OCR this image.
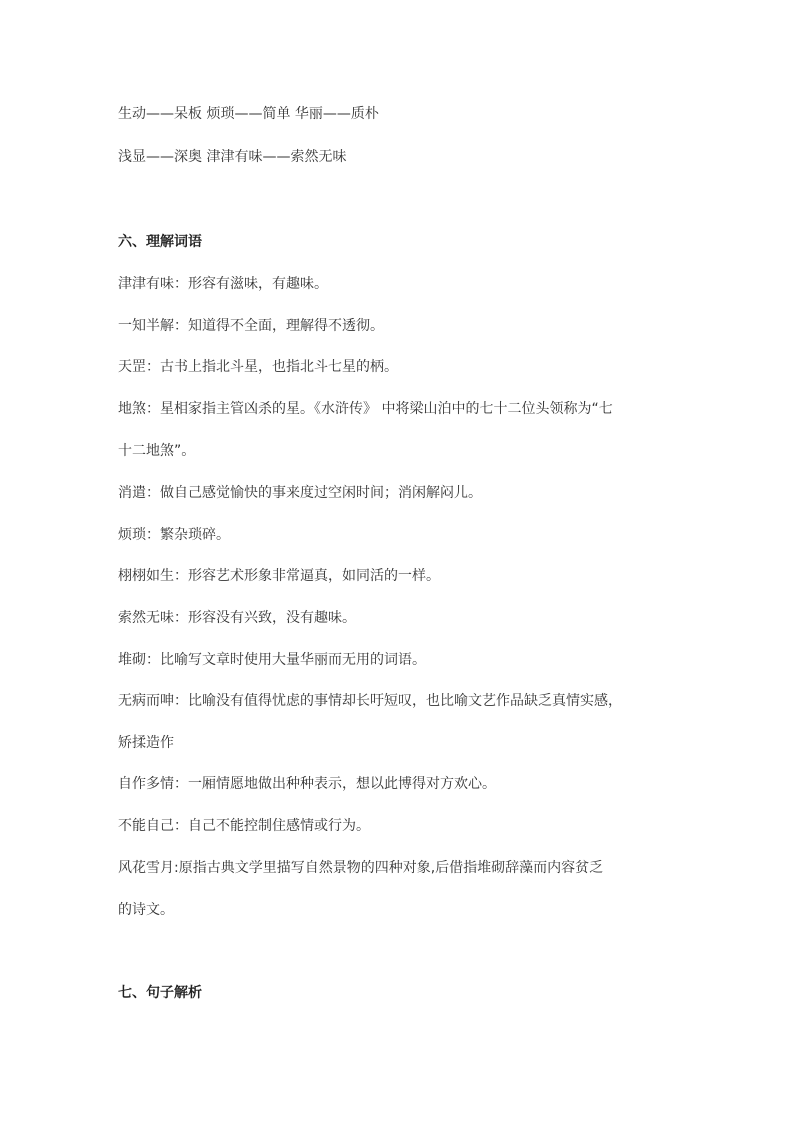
生动——呆板 烦琐——简单 华丽——质朴
浅显——深奥 津津有味——索然无味
六、理解词语
津津有味：形容有滋味，有趣味。
一知半解：知道得不全面，理解得不透彻。
天罡：古书上指北斗星，也指北斗七星的柄。
地煞：星相家指主管凶杀的星。《水浒传》 中将梁山泊中的七十二位头领称为“七
十二地煞”。
消遣：做自己感觉愉快的事来度过空闲时间；消闲解闷儿。
烦琐：繁杂琐碎。
栩栩如生：形容艺术形象非常逼真，如同活的一样。
索然无味：形容没有兴致，没有趣味。
堆砌：比喻写文章时使用大量华丽而无用的词语。
无病而呻：比喻没有值得忧虑的事情却长吁短叹，也比喻文艺作品缺乏真情实感，
矫揉造作
自作多情：一厢情愿地做出种种表示，想以此博得对方欢心。
不能自己：自己不能控制住感情或行为。
风花雪月:原指古典文学里描写自然景物的四种对象,后借指堆砌辞藻而内容贫乏
的诗文。
七、句子解析
